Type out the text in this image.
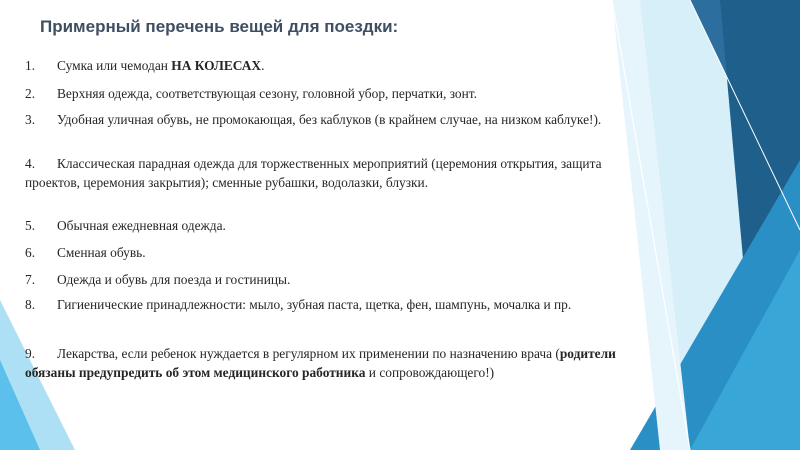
Примерный перечень вещей для поездки:
1. Сумка или чемодан НА КОЛЕСАХ.
2. Верхняя одежда, соответствующая сезону, головной убор, перчатки, зонт.
3. Удобная уличная обувь, не промокающая, без каблуков (в крайнем случае, на низком каблуке!).
4. Классическая парадная одежда для торжественных мероприятий (церемония открытия, защита проектов, церемония закрытия); сменные рубашки, водолазки, блузки.
5. Обычная ежедневная одежда.
6. Сменная обувь.
7. Одежда и обувь для поезда и гостиницы.
8. Гигиенические принадлежности: мыло, зубная паста, щетка, фен, шампунь, мочалка и пр.
9. Лекарства, если ребенок нуждается в регулярном их применении по назначению врача (родители обязаны предупредить об этом медицинского работника и сопровождающего!)
